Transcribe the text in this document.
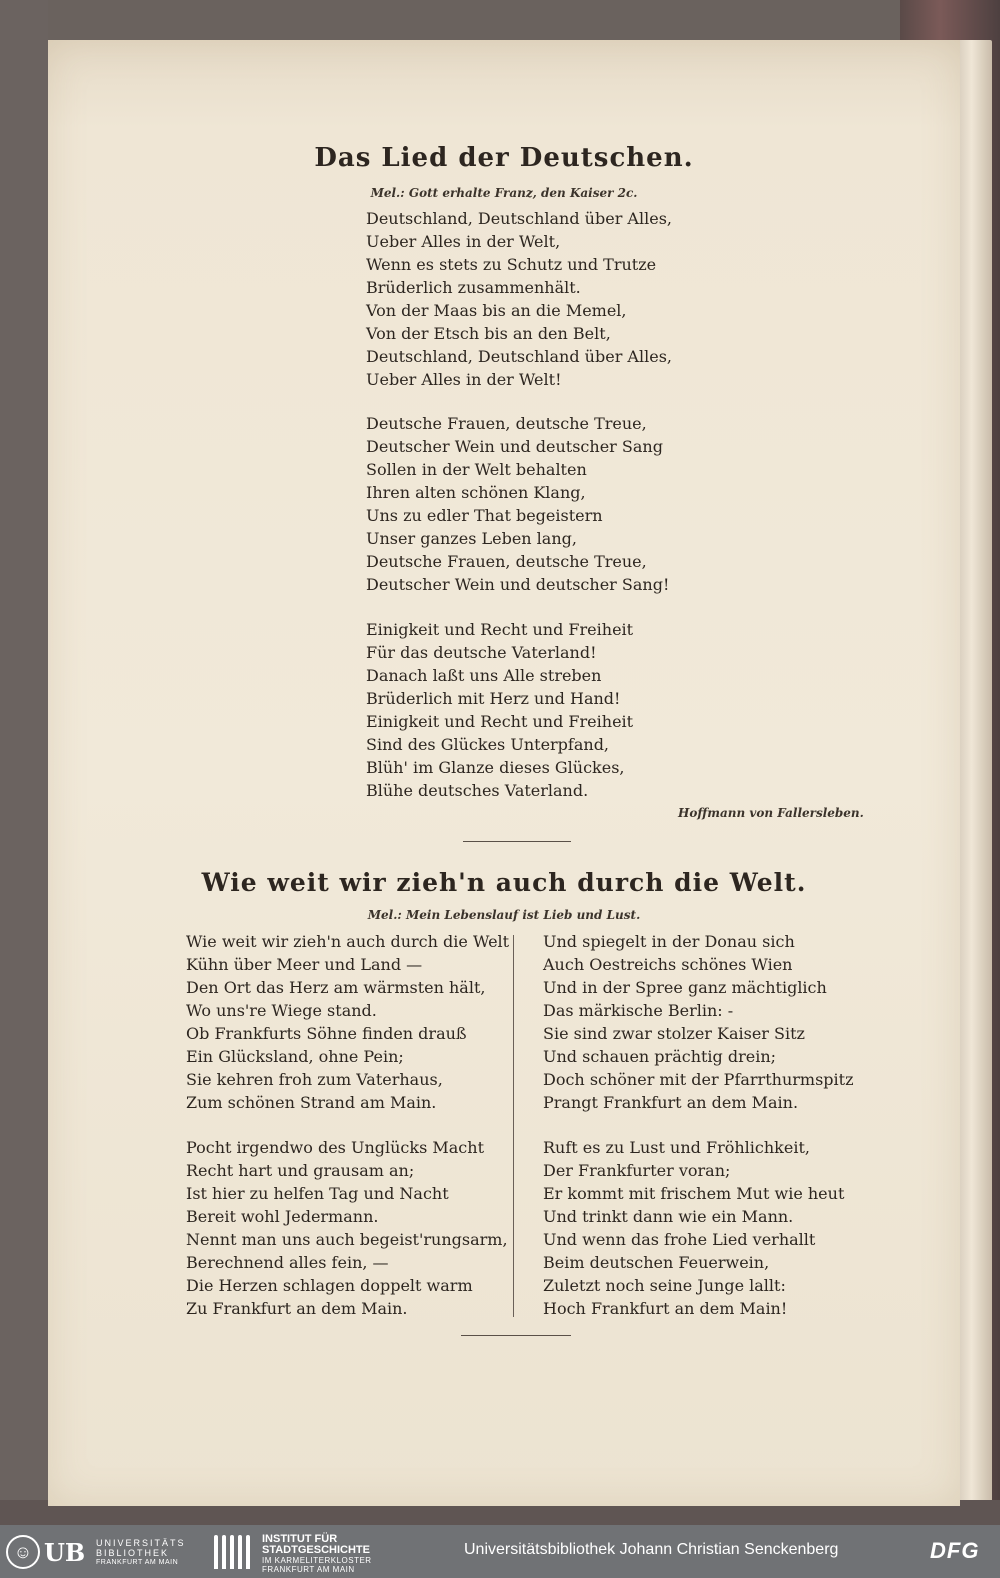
Das Lied der Deutschen.
Mel.: Gott erhalte Franz, den Kaiser 2c.
Deutschland, Deutschland über Alles,
Ueber Alles in der Welt,
Wenn es stets zu Schutz und Trutze
Brüderlich zusammenhält.
Von der Maas bis an die Memel,
Von der Etsch bis an den Belt,
Deutschland, Deutschland über Alles,
Ueber Alles in der Welt!
Deutsche Frauen, deutsche Treue,
Deutscher Wein und deutscher Sang
Sollen in der Welt behalten
Ihren alten schönen Klang,
Uns zu edler That begeistern
Unser ganzes Leben lang,
Deutsche Frauen, deutsche Treue,
Deutscher Wein und deutscher Sang!
Einigkeit und Recht und Freiheit
Für das deutsche Vaterland!
Danach laßt uns Alle streben
Brüderlich mit Herz und Hand!
Einigkeit und Recht und Freiheit
Sind des Glückes Unterpfand,
Blüh' im Glanze dieses Glückes,
Blühe deutsches Vaterland.
Hoffmann von Fallersleben.
Wie weit wir zieh'n auch durch die Welt.
Mel.: Mein Lebenslauf ist Lieb und Lust.
Wie weit wir zieh'n auch durch die Welt
Kühn über Meer und Land —
Den Ort das Herz am wärmsten hält,
Wo uns're Wiege stand.
Ob Frankfurts Söhne finden drauß
Ein Glücksland, ohne Pein;
Sie kehren froh zum Vaterhaus,
Zum schönen Strand am Main.
Pocht irgendwo des Unglücks Macht
Recht hart und grausam an;
Ist hier zu helfen Tag und Nacht
Bereit wohl Jedermann.
Nennt man uns auch begeist'rungsarm,
Berechnend alles fein, —
Die Herzen schlagen doppelt warm
Zu Frankfurt an dem Main.
Und spiegelt in der Donau sich
Auch Oestreichs schönes Wien
Und in der Spree ganz mächtiglich
Das märkische Berlin: -
Sie sind zwar stolzer Kaiser Sitz
Und schauen prächtig drein;
Doch schöner mit der Pfarrthurmspitz
Prangt Frankfurt an dem Main.
Ruft es zu Lust und Fröhlichkeit,
Der Frankfurter voran;
Er kommt mit frischem Mut wie heut
Und trinkt dann wie ein Mann.
Und wenn das frohe Lied verhallt
Beim deutschen Feuerwein,
Zuletzt noch seine Junge lallt:
Hoch Frankfurt an dem Main!
☺ UB UNIVERSITÄTS
BIBLIOTHEK
FRANKFURT AM MAIN
INSTITUT FÜR
STADTGESCHICHTE
IM KARMELITERKLOSTER
FRANKFURT AM MAIN
Universitätsbibliothek Johann Christian Senckenberg	DFG
